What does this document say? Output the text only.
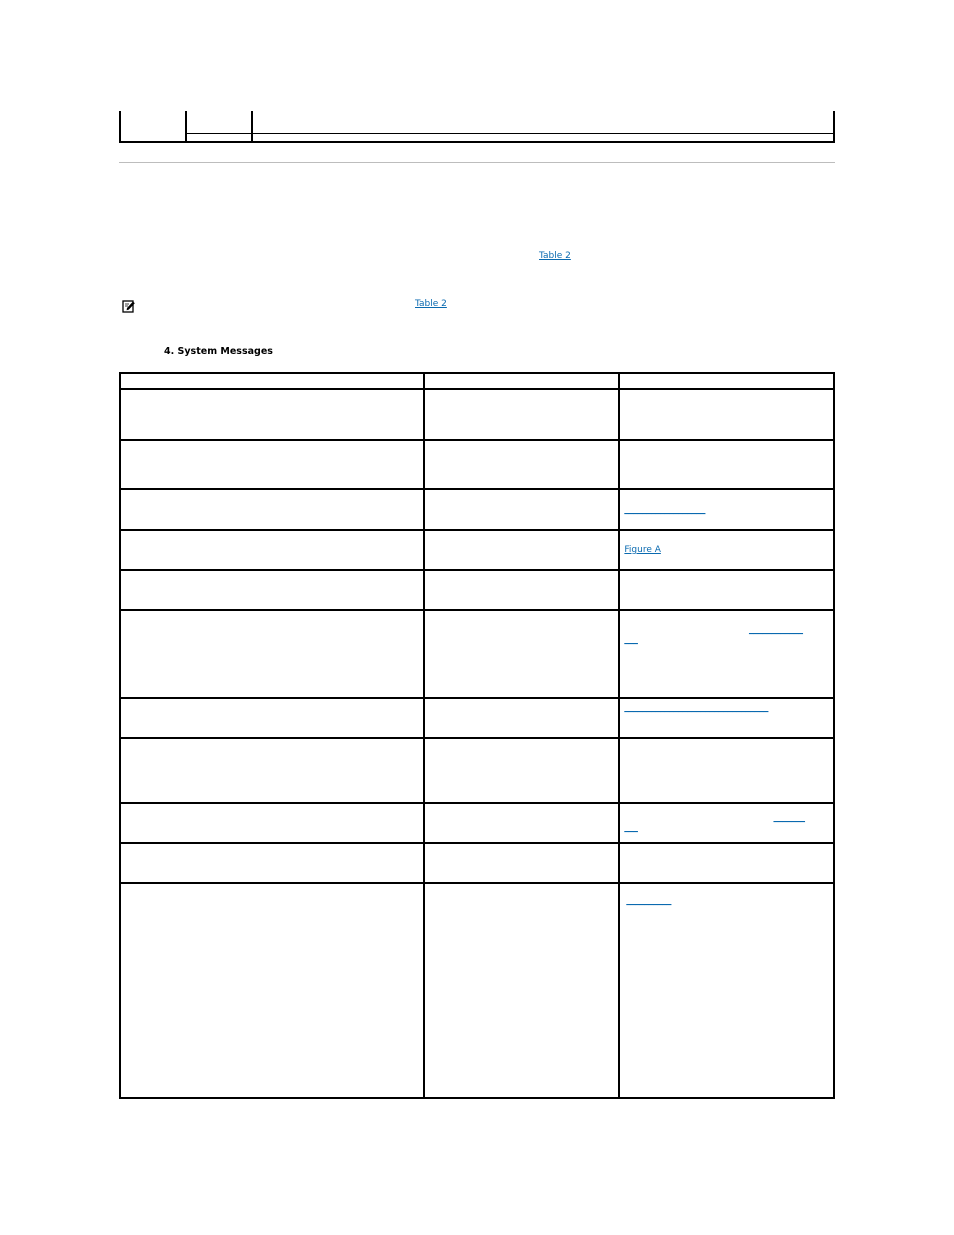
Table 2
Table 2
4. System Messages

		__________________
		Figure A

		____________
___

		________________________________

		_______
___

		__________
